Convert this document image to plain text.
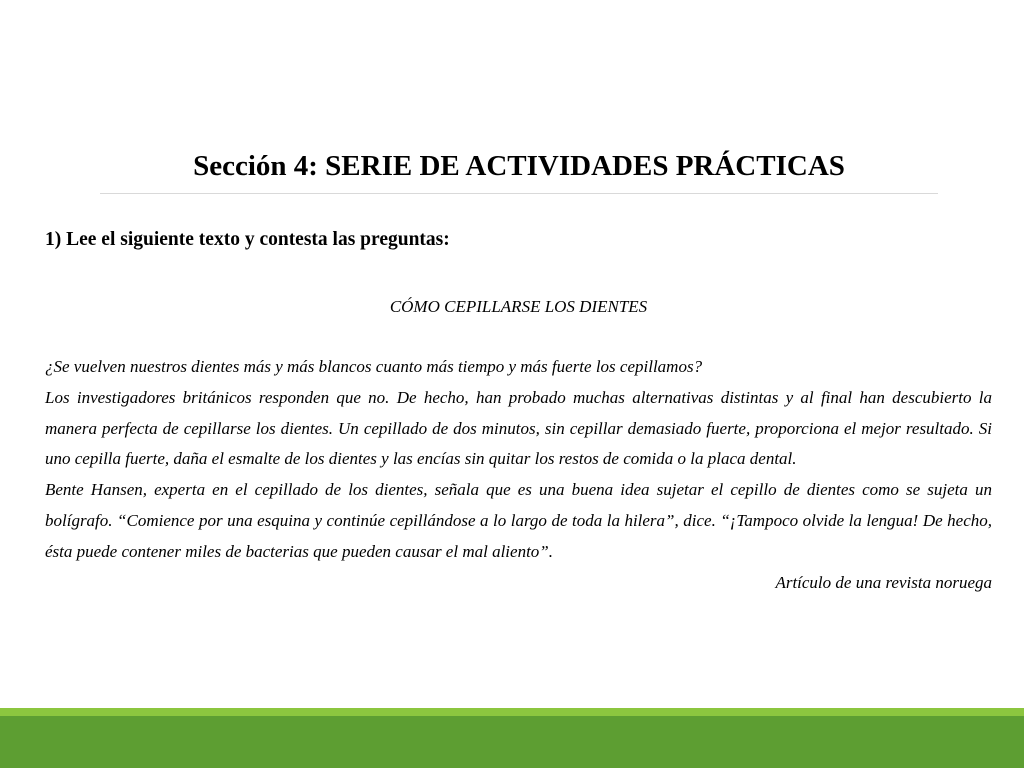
Sección 4: SERIE DE ACTIVIDADES PRÁCTICAS

1) Lee el siguiente texto y contesta las preguntas:

CÓMO CEPILLARSE LOS DIENTES

¿Se vuelven nuestros dientes más y más blancos cuanto más tiempo y más fuerte los cepillamos?

Los investigadores británicos responden que no. De hecho, han probado muchas alternativas distintas y al final han descubierto la manera perfecta de cepillarse los dientes. Un cepillado de dos minutos, sin cepillar demasiado fuerte, proporciona el mejor resultado. Si uno cepilla fuerte, daña el esmalte de los dientes y las encías sin quitar los restos de comida o la placa dental.

Bente Hansen, experta en el cepillado de los dientes, señala que es una buena idea sujetar el cepillo de dientes como se sujeta un bolígrafo. “Comience por una esquina y continúe cepillándose a lo largo de toda la hilera”, dice. “¡Tampoco olvide la lengua! De hecho, ésta puede contener miles de bacterias que pueden causar el mal aliento”.

Artículo de una revista noruega
